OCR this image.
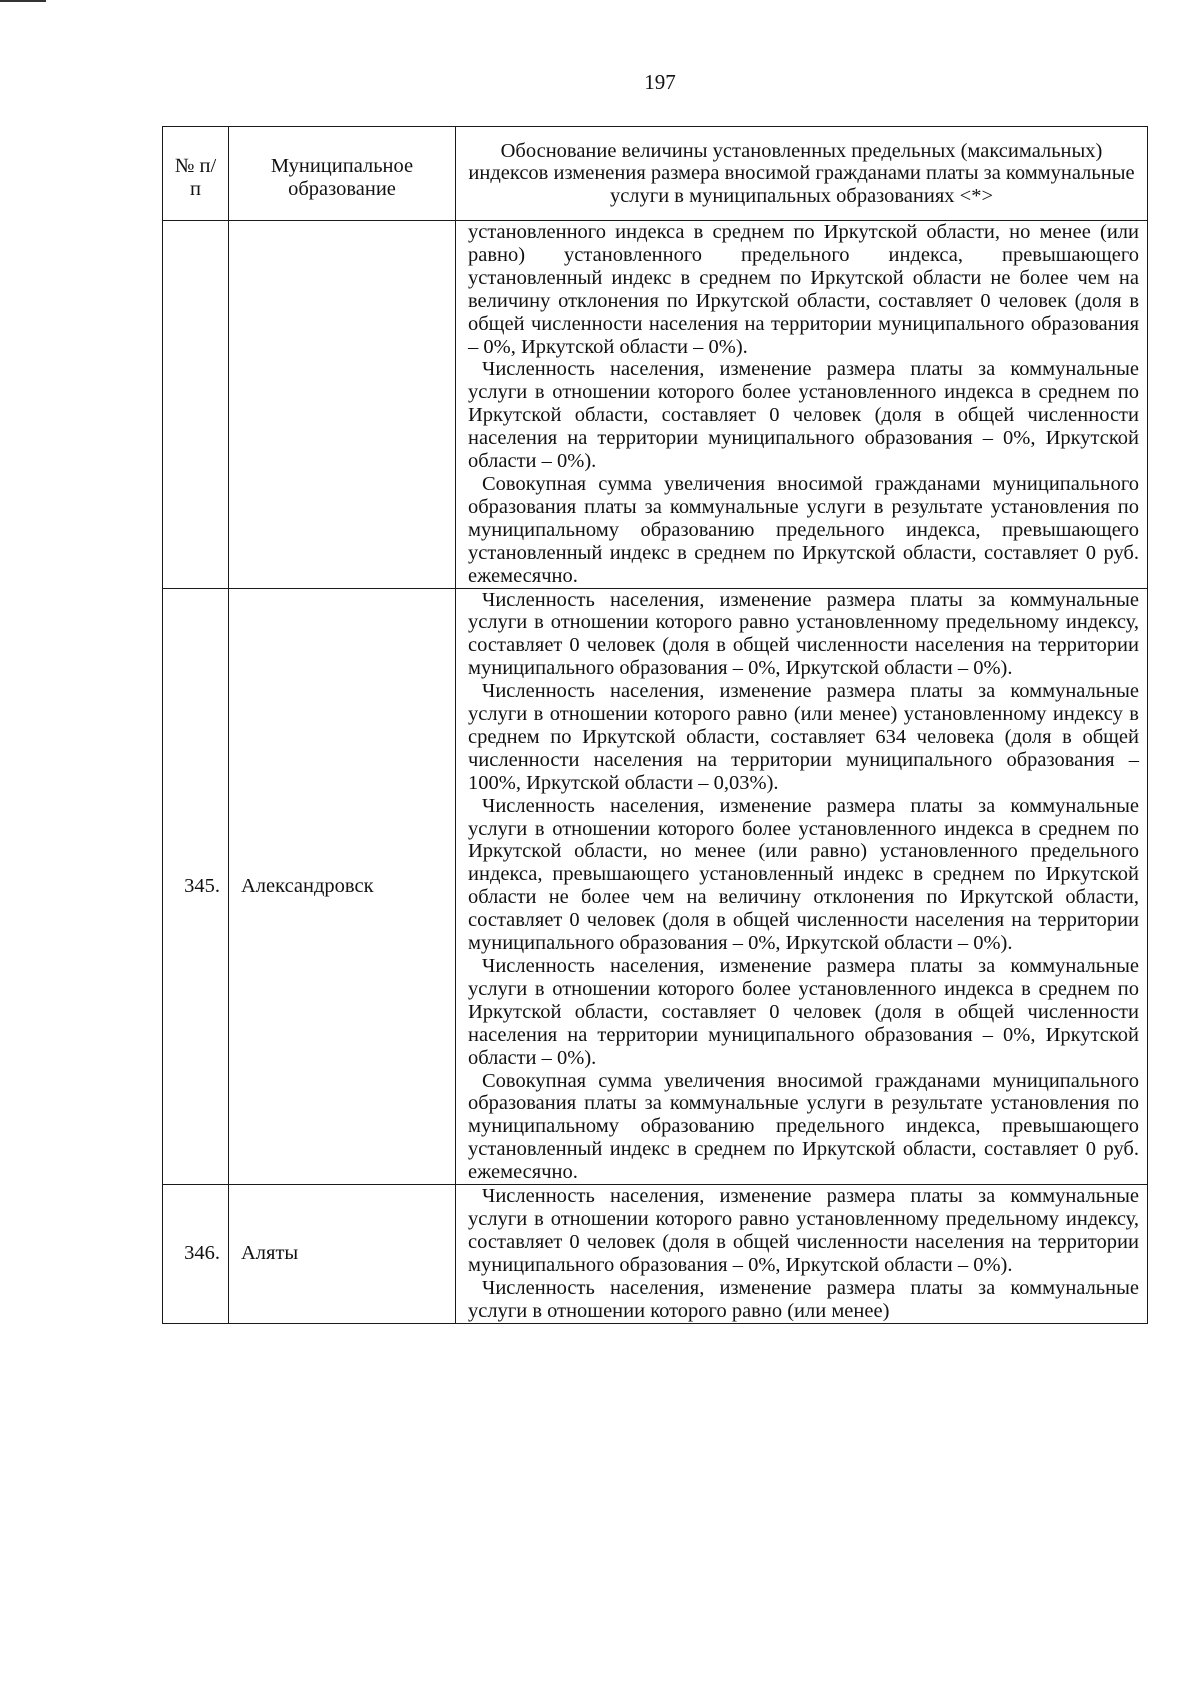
197
№ п/п	Муниципальное образование	Обоснование величины установленных предельных (максимальных) индексов изменения размера вносимой гражданами платы за коммунальные услуги в муниципальных образованиях <*>

		установленного индекса в среднем по Иркутской области, но менее (или равно) установленного предельного индекса, превышающего установленный индекс в среднем по Иркутской области не более чем на величину отклонения по Иркутской области, составляет 0 человек (доля в общей численности населения на территории муниципального образования – 0%, Иркутской области – 0%).

Численность населения, изменение размера платы за коммунальные услуги в отношении которого более установленного индекса в среднем по Иркутской области, составляет 0 человек (доля в общей численности населения на территории муниципального образования – 0%, Иркутской области – 0%).

Совокупная сумма увеличения вносимой гражданами муниципального образования платы за коммунальные услуги в результате установления по муниципальному образованию предельного индекса, превышающего установленный индекс в среднем по Иркутской области, составляет 0 руб. ежемесячно.

345.	Александровск	Численность населения, изменение размера платы за коммунальные услуги в отношении которого равно установленному предельному индексу, составляет 0 человек (доля в общей численности населения на территории муниципального образования – 0%, Иркутской области – 0%).

Численность населения, изменение размера платы за коммунальные услуги в отношении которого равно (или менее) установленному индексу в среднем по Иркутской области, составляет 634 человека (доля в общей численности населения на территории муниципального образования – 100%, Иркутской области – 0,03%).

Численность населения, изменение размера платы за коммунальные услуги в отношении которого более установленного индекса в среднем по Иркутской области, но менее (или равно) установленного предельного индекса, превышающего установленный индекс в среднем по Иркутской области не более чем на величину отклонения по Иркутской области, составляет 0 человек (доля в общей численности населения на территории муниципального образования – 0%, Иркутской области – 0%).

Численность населения, изменение размера платы за коммунальные услуги в отношении которого более установленного индекса в среднем по Иркутской области, составляет 0 человек (доля в общей численности населения на территории муниципального образования – 0%, Иркутской области – 0%).

Совокупная сумма увеличения вносимой гражданами муниципального образования платы за коммунальные услуги в результате установления по муниципальному образованию предельного индекса, превышающего установленный индекс в среднем по Иркутской области, составляет 0 руб. ежемесячно.

346.	Аляты	Численность населения, изменение размера платы за коммунальные услуги в отношении которого равно установленному предельному индексу, составляет 0 человек (доля в общей численности населения на территории муниципального образования – 0%, Иркутской области – 0%).

Численность населения, изменение размера платы за коммунальные услуги в отношении которого равно (или менее)
